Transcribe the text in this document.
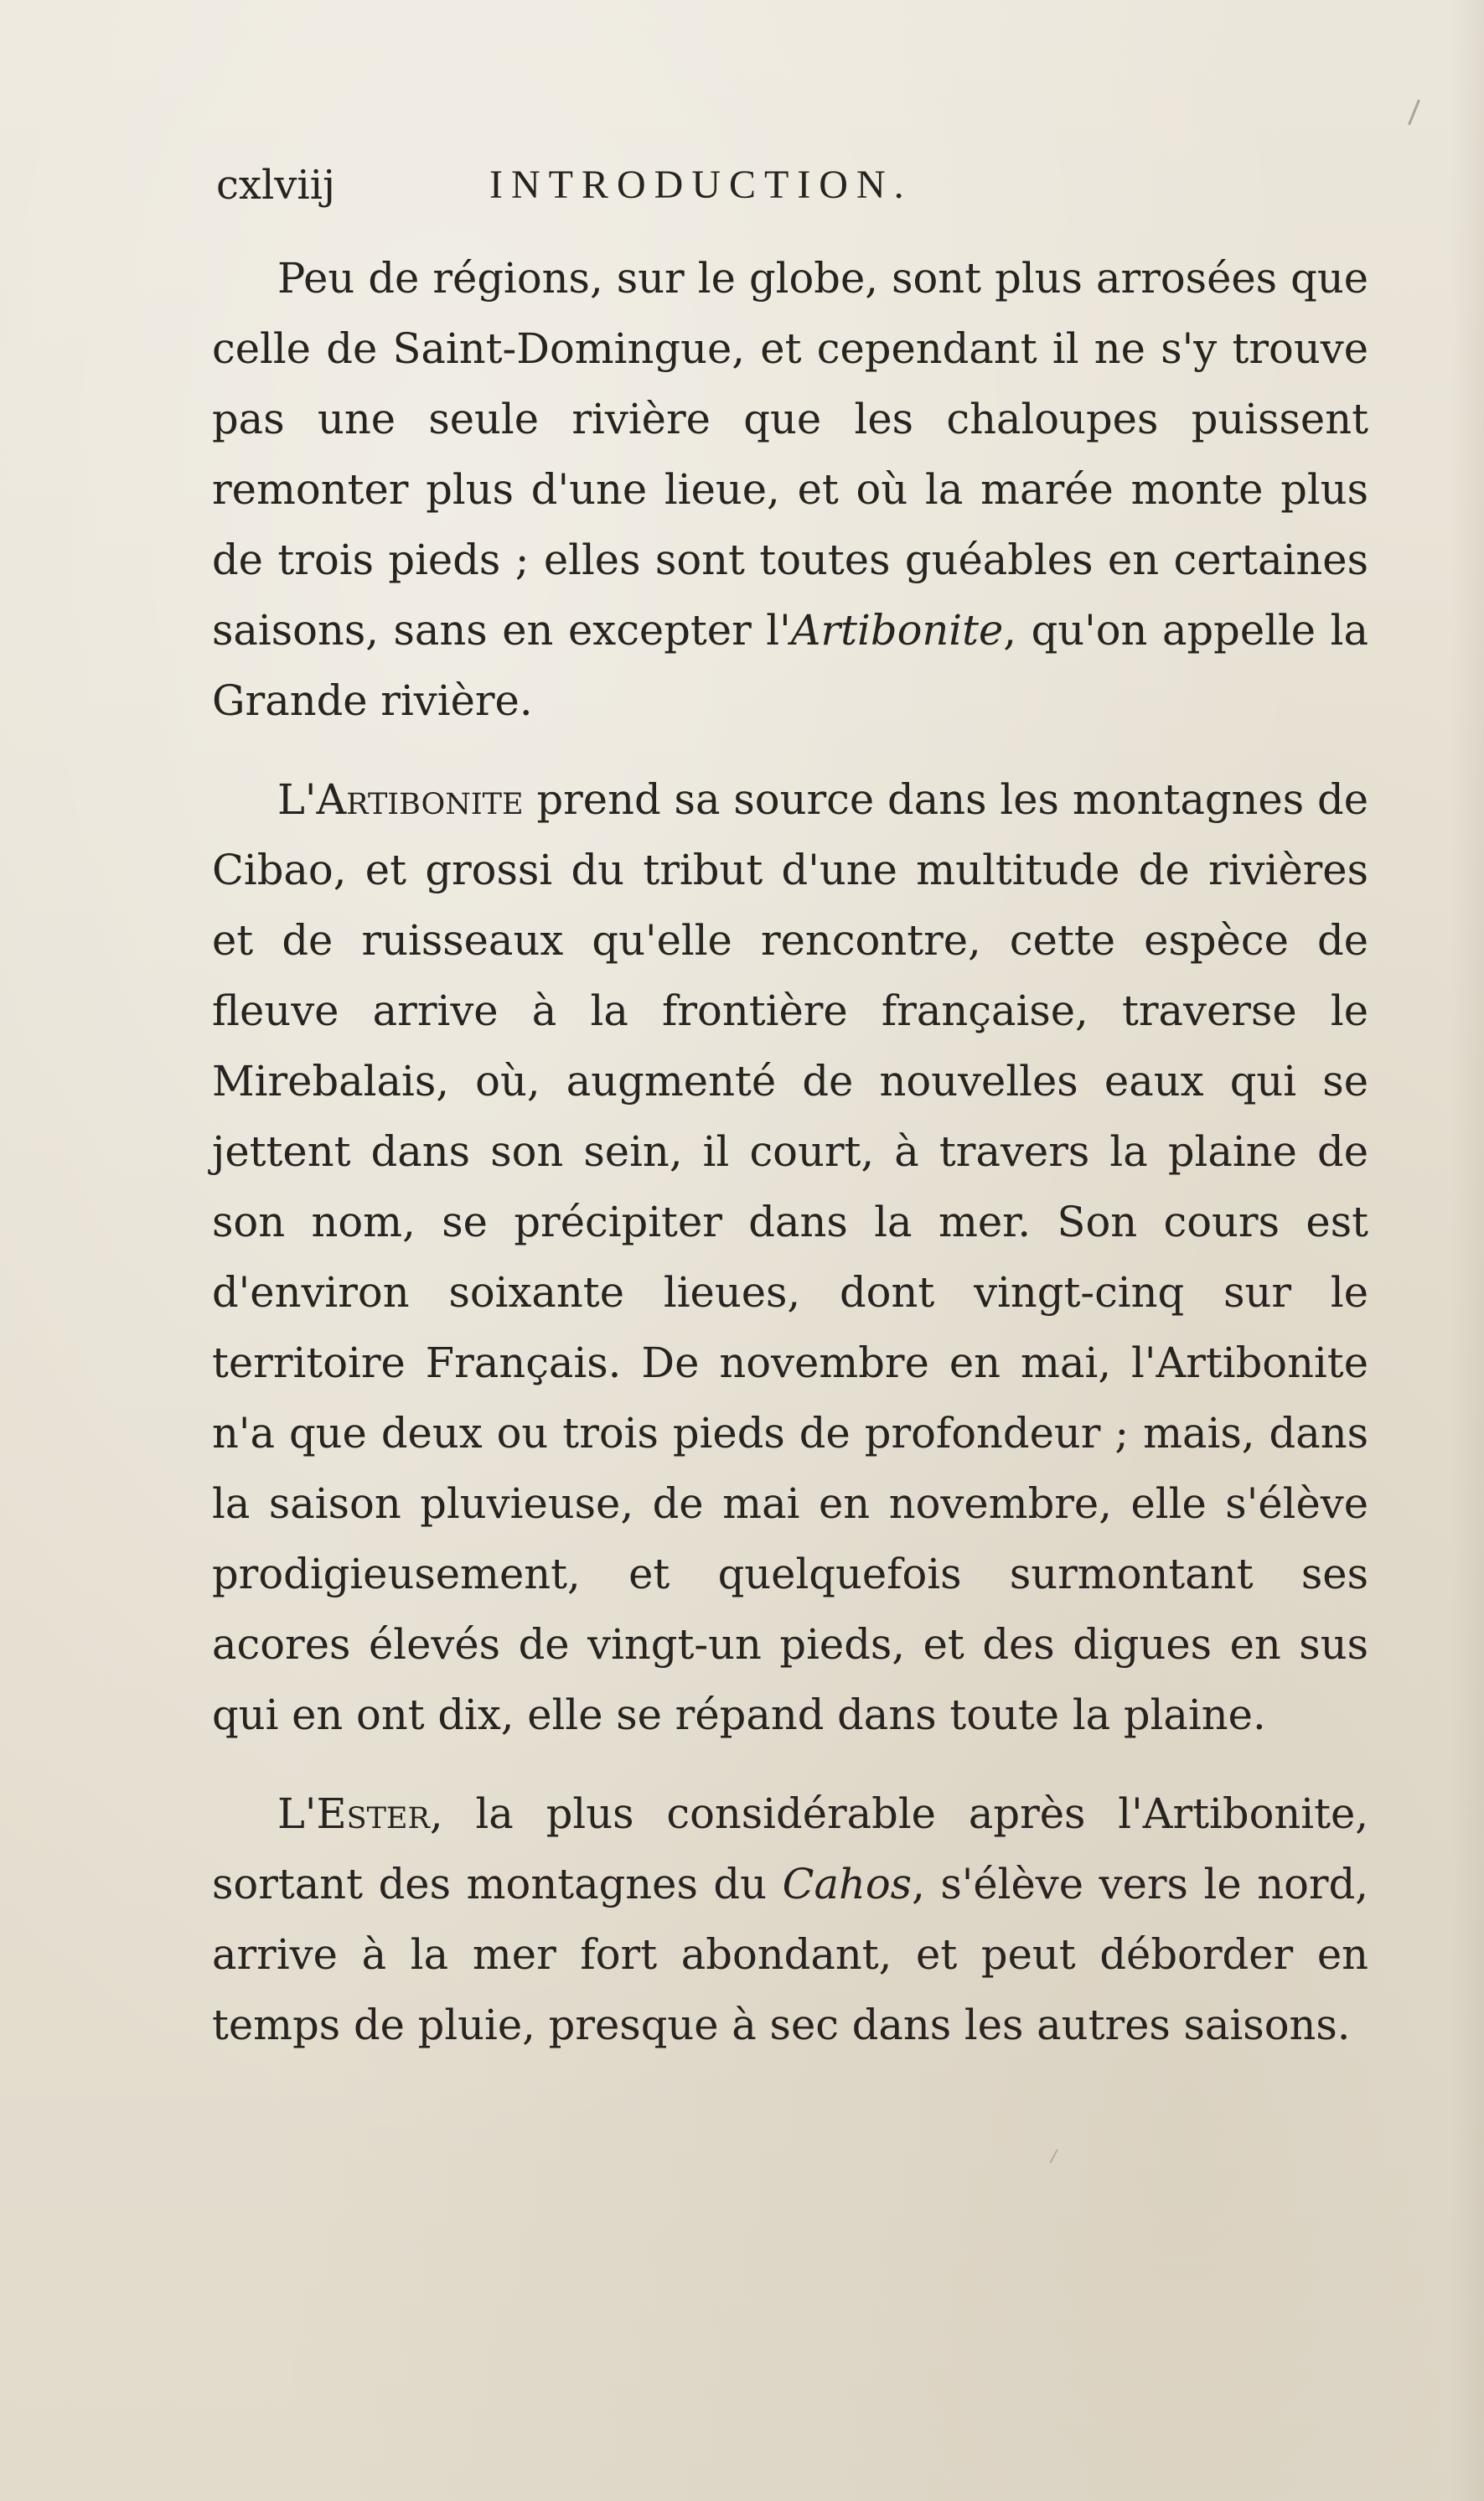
cxlviij	INTRODUCTION.

Peu de régions, sur le globe, sont plus arrosées que celle de Saint-Domingue, et cependant il ne s'y trouve pas une seule rivière que les chaloupes puissent remonter plus d'une lieue, et où la marée monte plus de trois pieds ; elles sont toutes guéables en certaines saisons, sans en excepter l'Artibonite, qu'on appelle la Grande rivière.

L'Artibonite prend sa source dans les montagnes de Cibao, et grossi du tribut d'une multitude de rivières et de ruisseaux qu'elle rencontre, cette espèce de fleuve arrive à la frontière française, traverse le Mirebalais, où, augmenté de nouvelles eaux qui se jettent dans son sein, il court, à travers la plaine de son nom, se précipiter dans la mer. Son cours est d'environ soixante lieues, dont vingt-cinq sur le territoire Français. De novembre en mai, l'Artibonite n'a que deux ou trois pieds de profondeur ; mais, dans la saison pluvieuse, de mai en novembre, elle s'élève prodigieusement, et quelquefois surmontant ses acores élevés de vingt-un pieds, et des digues en sus qui en ont dix, elle se répand dans toute la plaine.

L'Ester, la plus considérable après l'Artibonite, sortant des montagnes du Cahos, s'élève vers le nord, arrive à la mer fort abondant, et peut déborder en temps de pluie, presque à sec dans les autres saisons.
